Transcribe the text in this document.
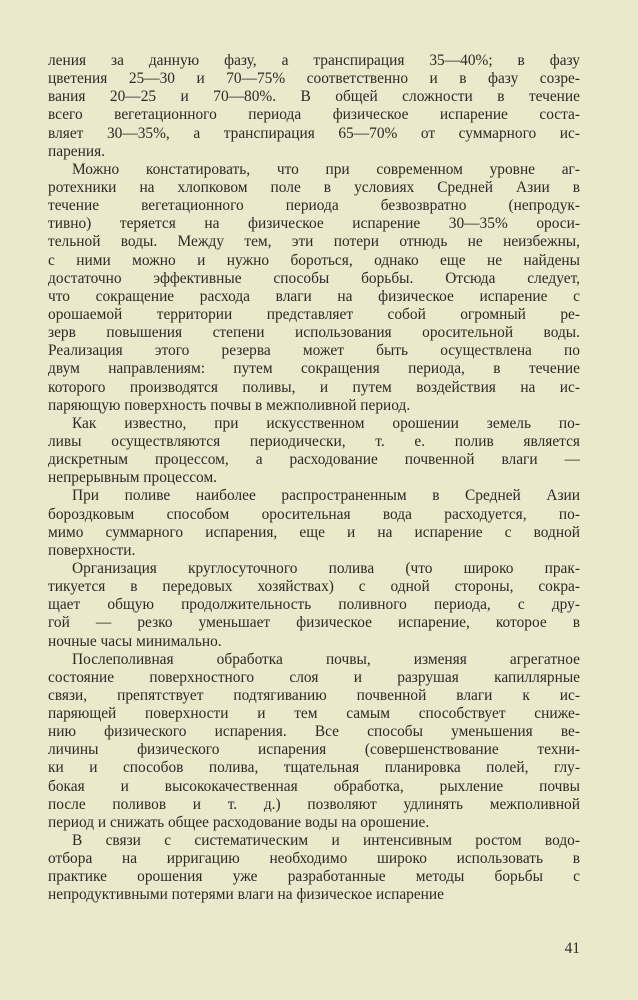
ления за данную фазу, а транспирация 35—40%; в фазу
цветения 25—30 и 70—75% соответственно и в фазу созре-
вания 20—25 и 70—80%. В общей сложности в течение
всего вегетационного периода физическое испарение соста-
вляет 30—35%, а транспирация 65—70% от суммарного ис-
парения.
Можно констатировать, что при современном уровне аг-
ротехники на хлопковом поле в условиях Средней Азии в
течение вегетационного периода безвозвратно (непродук-
тивно) теряется на физическое испарение 30—35% ороси-
тельной воды. Между тем, эти потери отнюдь не неизбежны,
с ними можно и нужно бороться, однако еще не найдены
достаточно эффективные способы борьбы. Отсюда следует,
что сокращение расхода влаги на физическое испарение с
орошаемой территории представляет собой огромный ре-
зерв повышения степени использования оросительной воды.
Реализация этого резерва может быть осуществлена по
двум направлениям: путем сокращения периода, в течение
которого производятся поливы, и путем воздействия на ис-
паряющую поверхность почвы в межполивной период.
Как известно, при искусственном орошении земель по-
ливы осуществляются периодически, т. е. полив является
дискретным процессом, а расходование почвенной влаги —
непрерывным процессом.
При поливе наиболее распространенным в Средней Азии
бороздковым способом оросительная вода расходуется, по-
мимо суммарного испарения, еще и на испарение с водной
поверхности.
Организация круглосуточного полива (что широко прак-
тикуется в передовых хозяйствах) с одной стороны, сокра-
щает общую продолжительность поливного периода, с дру-
гой — резко уменьшает физическое испарение, которое в
ночные часы минимально.
Послеполивная обработка почвы, изменяя агрегатное
состояние поверхностного слоя и разрушая капиллярные
связи, препятствует подтягиванию почвенной влаги к ис-
паряющей поверхности и тем самым способствует сниже-
нию физического испарения. Все способы уменьшения ве-
личины физического испарения (совершенствование техни-
ки и способов полива, тщательная планировка полей, глу-
бокая и высококачественная обработка, рыхление почвы
после поливов и т. д.) позволяют удлинять межполивной
период и снижать общее расходование воды на орошение.
В связи с систематическим и интенсивным ростом водо-
отбора на ирригацию необходимо широко использовать в
практике орошения уже разработанные методы борьбы с
непродуктивными потерями влаги на физическое испарение
41
